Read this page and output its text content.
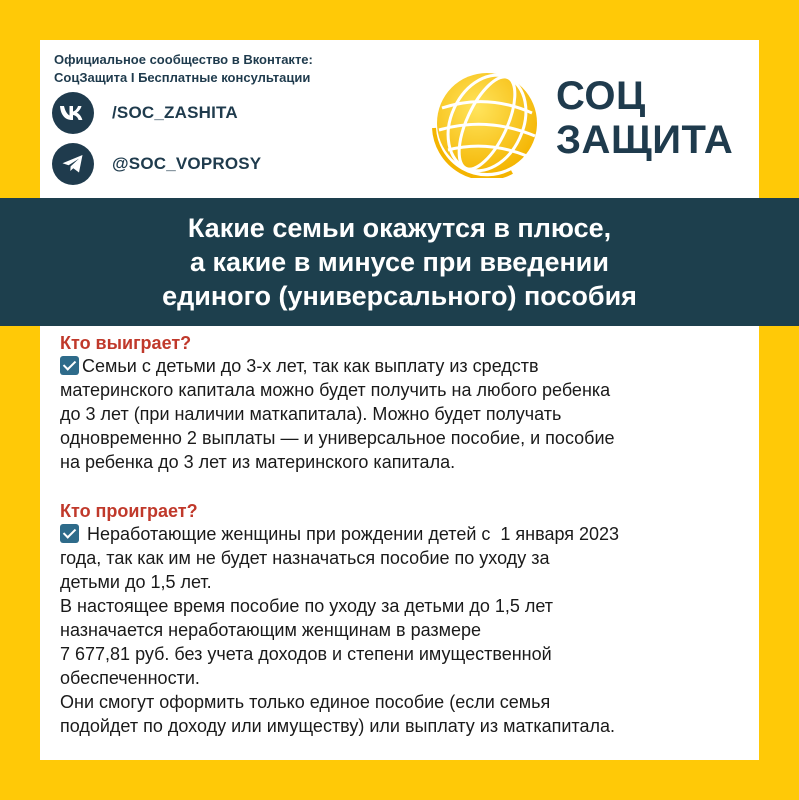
Официальное сообщество в Вконтакте:
СоцЗащита I Бесплатные консультации
/SOC_ZASHITA
@SOC_VOPROSY
СОЦ
ЗАЩИТА
Какие семьи окажутся в плюсе,
а какие в минусе при введении
единого (универсального) пособия
Кто выиграет?
Семьи с детьми до 3-х лет, так как выплату из средств
материнского капитала можно будет получить на любого ребенка
до 3 лет (при наличии маткапитала). Можно будет получать
одновременно 2 выплаты — и универсальное пособие, и пособие
на ребенка до 3 лет из материнского капитала.
Кто проиграет?
Неработающие женщины при рождении детей с  1 января 2023
года, так как им не будет назначаться пособие по уходу за
детьми до 1,5 лет.
В настоящее время пособие по уходу за детьми до 1,5 лет
назначается неработающим женщинам в размере
7 677,81 руб. без учета доходов и степени имущественной
обеспеченности.
Они смогут оформить только единое пособие (если семья
подойдет по доходу или имуществу) или выплату из маткапитала.
